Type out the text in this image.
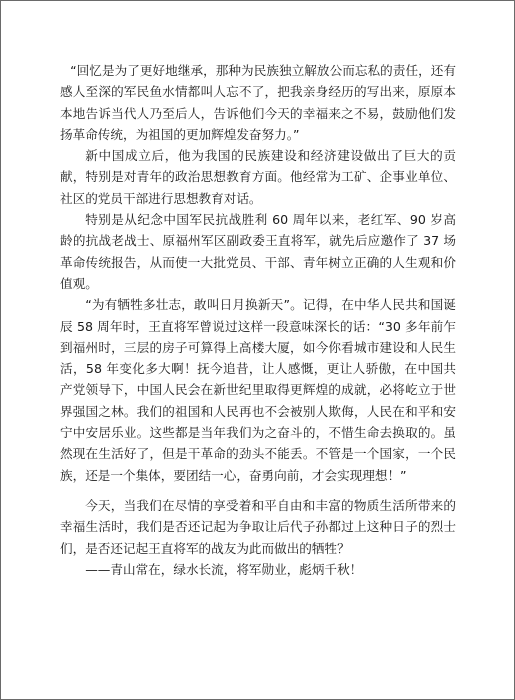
“回忆是为了更好地继承，那种为民族独立解放公而忘私的责任，还有感人至深的军民鱼水情都叫人忘不了，把我亲身经历的写出来，原原本本地告诉当代人乃至后人，告诉他们今天的幸福来之不易，鼓励他们发扬革命传统，为祖国的更加辉煌发奋努力。”

新中国成立后，他为我国的民族建设和经济建设做出了巨大的贡献，特别是对青年的政治思想教育方面。他经常为工矿、企事业单位、社区的党员干部进行思想教育对话。

特别是从纪念中国军民抗战胜利 60 周年以来，老红军、90 岁高龄的抗战老战士、原福州军区副政委王直将军，就先后应邀作了 37 场革命传统报告，从而使一大批党员、干部、青年树立正确的人生观和价值观。

“为有牺牲多壮志，敢叫日月换新天”。记得，在中华人民共和国诞辰 58 周年时，王直将军曾说过这样一段意味深长的话：“30 多年前乍到福州时，三层的房子可算得上高楼大厦，如今你看城市建设和人民生活，58 年变化多大啊！抚今追昔，让人感慨，更让人骄傲，在中国共产党领导下，中国人民会在新世纪里取得更辉煌的成就，必将屹立于世界强国之林。我们的祖国和人民再也不会被别人欺侮，人民在和平和安宁中安居乐业。这些都是当年我们为之奋斗的，不惜生命去换取的。虽然现在生活好了，但是干革命的劲头不能丢。不管是一个国家，一个民族，还是一个集体，要团结一心，奋勇向前，才会实现理想！”

今天，当我们在尽情的享受着和平自由和丰富的物质生活所带来的幸福生活时，我们是否还记起为争取让后代子孙都过上这种日子的烈士们，是否还记起王直将军的战友为此而做出的牺牲？

——青山常在，绿水长流，将军勋业，彪炳千秋！
